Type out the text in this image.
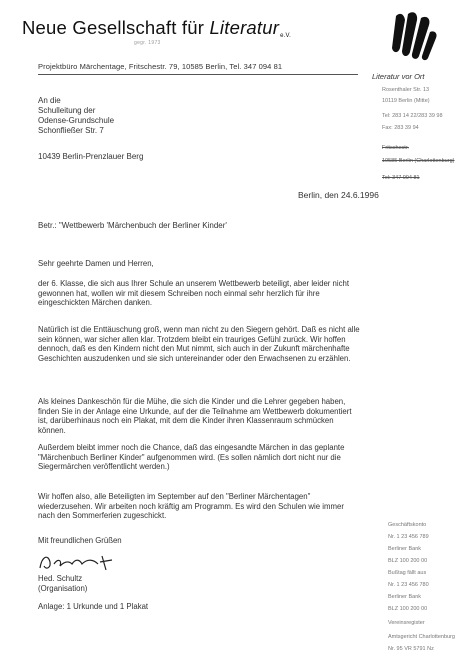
Neue Gesellschaft für Literature.V.
gegr. 1973
Literatur vor Ort
Projektbüro Märchentage, Fritschestr. 79, 10585 Berlin, Tel. 347 094 81
An die
Schulleitung der
Odense-Grundschule
Schonfließer Str. 7
10439 Berlin-Prenzlauer Berg
Rosenthaler Str. 13
10119 Berlin (Mitte)
Tel: 283 14 22/283 39 98
Fax: 283 39 94
Fritschestr.
10585 Berlin (Charlottenburg)
Tel: 347 094 81
Berlin, den 24.6.1996
Betr.: "Wettbewerb 'Märchenbuch der Berliner Kinder'
Sehr geehrte Damen und Herren,
der 6. Klasse, die sich aus Ihrer Schule an unserem Wettbewerb beteiligt, aber leider nicht gewonnen hat, wollen wir mit diesem Schreiben noch einmal sehr herzlich für ihre eingeschickten Märchen danken.
Natürlich ist die Enttäuschung groß, wenn man nicht zu den Siegern gehört. Daß es nicht alle sein können, war sicher allen klar. Trotzdem bleibt ein trauriges Gefühl zurück. Wir hoffen dennoch, daß es den Kindern nicht den Mut nimmt, sich auch in der Zukunft märchenhafte Geschichten auszudenken und sie sich untereinander oder den Erwachsenen zu erzählen.
Als kleines Dankeschön für die Mühe, die sich die Kinder und die Lehrer gegeben haben, finden Sie in der Anlage eine Urkunde, auf der die Teilnahme am Wettbewerb dokumentiert ist, darüberhinaus noch ein Plakat, mit dem die Kinder ihren Klassenraum schmücken können.
Außerdem bleibt immer noch die Chance, daß das eingesandte Märchen in das geplante "Märchenbuch Berliner Kinder" aufgenommen wird. (Es sollen nämlich dort nicht nur die Siegermärchen veröffentlicht werden.)
Wir hoffen also, alle Beteiligten im September auf den "Berliner Märchentagen" wiederzusehen. Wir arbeiten noch kräftig am Programm. Es wird den Schulen wie immer nach den Sommerferien zugeschickt.
Mit freundlichen Grüßen
Hed. Schultz
(Organisation)
Anlage: 1 Urkunde und 1 Plakat
Geschäftskonto
Nr. 1 23 456 789
Berliner Bank
BLZ 100 200 00
Bußtag fällt aus
Nr. 1 23 456 780
Berliner Bank
BLZ 100 200 00
Vereinsregister
Amtsgericht Charlottenburg
Nr. 95 VR 5791 Nz
